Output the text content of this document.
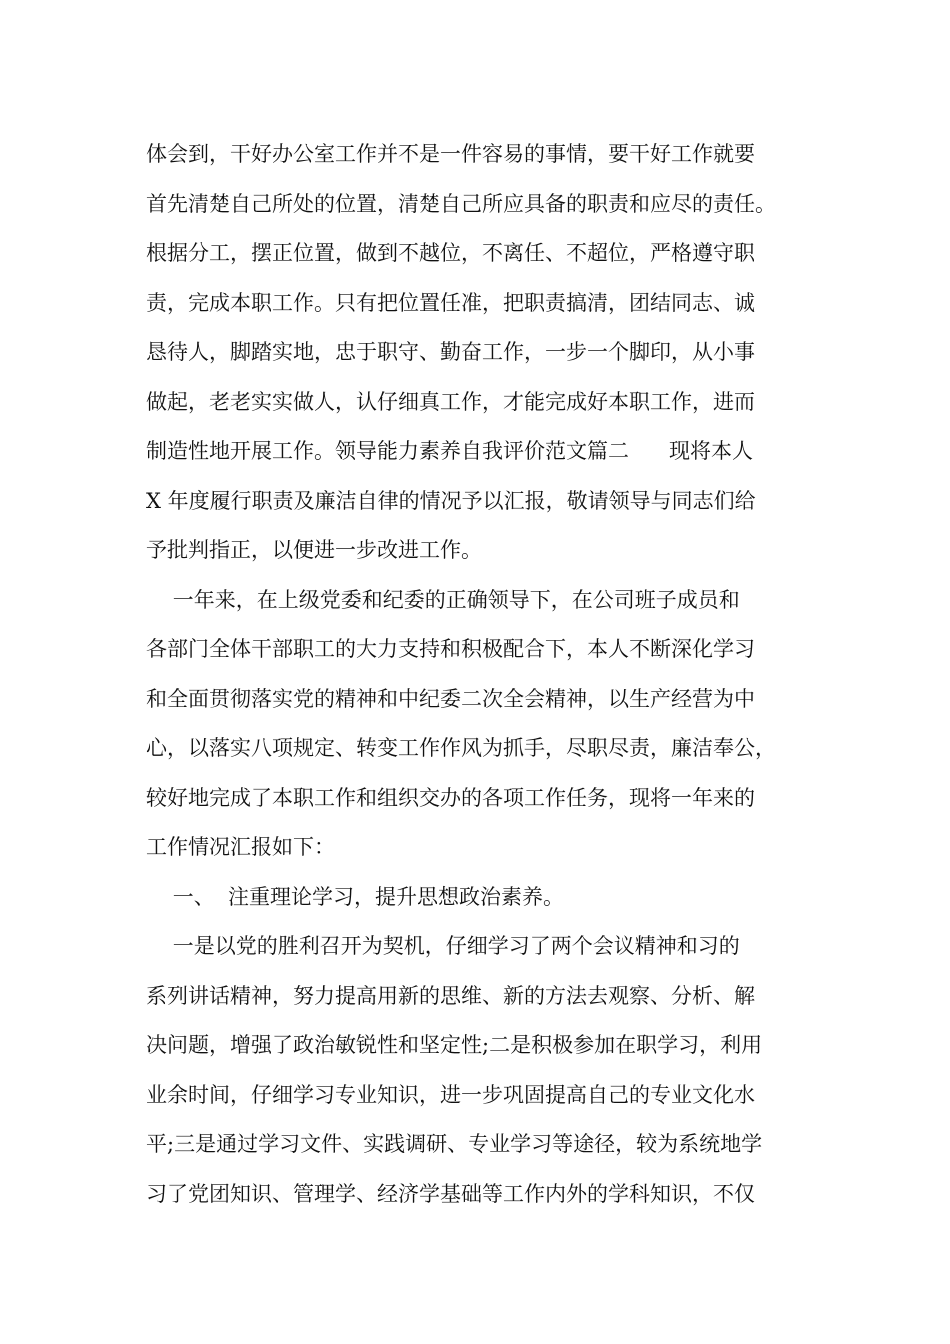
体会到，干好办公室工作并不是一件容易的事情，要干好工作就要
首先清楚自己所处的位置，清楚自己所应具备的职责和应尽的责任。
根据分工，摆正位置，做到不越位，不离任、不超位，严格遵守职
责，完成本职工作。只有把位置任准，把职责搞清，团结同志、诚
恳待人，脚踏实地，忠于职守、勤奋工作，一步一个脚印，从小事
做起，老老实实做人，认仔细真工作，才能完成好本职工作，进而
制造性地开展工作。领导能力素养自我评价范文篇二      现将本人
X 年度履行职责及廉洁自律的情况予以汇报，敬请领导与同志们给
予批判指正，以便进一步改进工作。
一年来，在上级党委和纪委的正确领导下，在公司班子成员和
各部门全体干部职工的大力支持和积极配合下，本人不断深化学习
和全面贯彻落实党的精神和中纪委二次全会精神，以生产经营为中
心，以落实八项规定、转变工作作风为抓手，尽职尽责，廉洁奉公，
较好地完成了本职工作和组织交办的各项工作任务，现将一年来的
工作情况汇报如下：
一、  注重理论学习，提升思想政治素养。
一是以党的胜利召开为契机，仔细学习了两个会议精神和习的
系列讲话精神，努力提高用新的思维、新的方法去观察、分析、解
决问题，增强了政治敏锐性和坚定性;二是积极参加在职学习，利用
业余时间，仔细学习专业知识，进一步巩固提高自己的专业文化水
平;三是通过学习文件、实践调研、专业学习等途径，较为系统地学
习了党团知识、管理学、经济学基础等工作内外的学科知识，不仅
